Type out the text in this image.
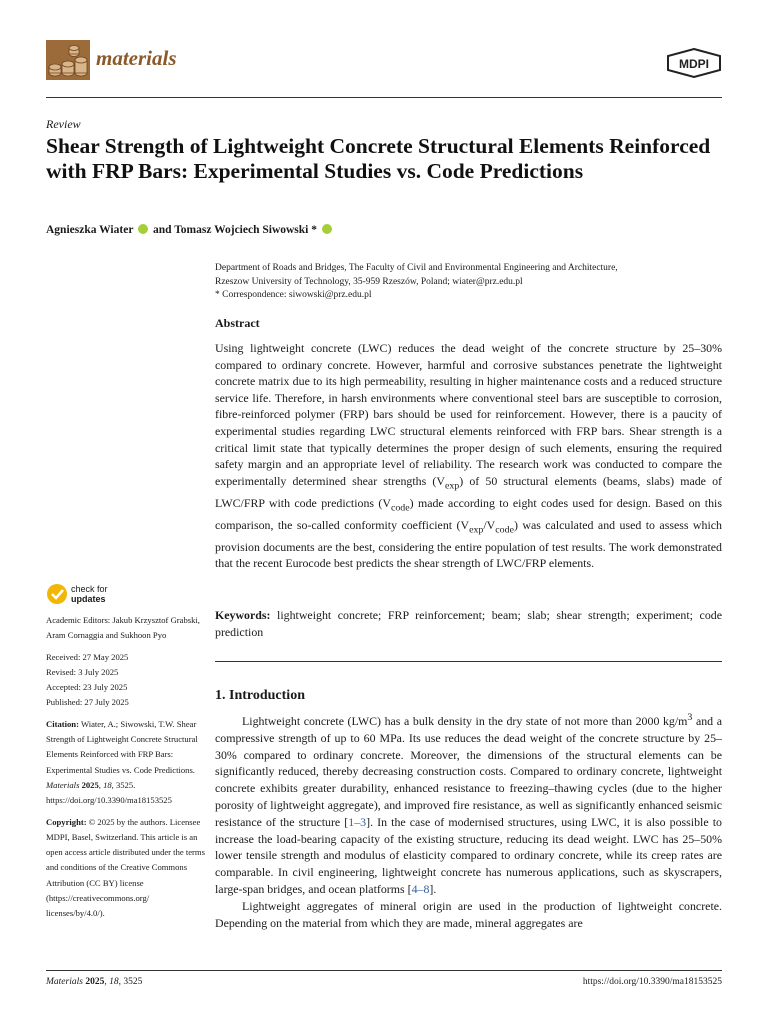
materials	MDPI
Review
Shear Strength of Lightweight Concrete Structural Elements Reinforced with FRP Bars: Experimental Studies vs. Code Predictions
Agnieszka Wiater  and Tomasz Wojciech Siwowski *
Department of Roads and Bridges, The Faculty of Civil and Environmental Engineering and Architecture,
Rzeszow University of Technology, 35-959 Rzeszów, Poland; wiater@prz.edu.pl
* Correspondence: siwowski@prz.edu.pl
Abstract
Using lightweight concrete (LWC) reduces the dead weight of the concrete structure by 25–30% compared to ordinary concrete. However, harmful and corrosive substances penetrate the lightweight concrete matrix due to its high permeability, resulting in higher maintenance costs and a reduced structure service life. Therefore, in harsh environments where conventional steel bars are susceptible to corrosion, fibre-reinforced polymer (FRP) bars should be used for reinforcement. However, there is a paucity of experimental studies regarding LWC structural elements reinforced with FRP bars. Shear strength is a critical limit state that typically determines the proper design of such elements, ensuring the required safety margin and an appropriate level of reliability. The research work was conducted to compare the experimentally determined shear strengths $(V_{exp})$ of 50 structural elements (beams, slabs) made of LWC/FRP with code predictions $(V_{code})$ made according to eight codes used for design. Based on this comparison, the so-called conformity coefficient $(V_{exp}/V_{code})$ was calculated and used to assess which provision documents are the best, considering the entire population of test results. The work demonstrated that the recent Eurocode best predicts the shear strength of LWC/FRP elements.
Keywords: lightweight concrete; FRP reinforcement; beam; slab; shear strength; experiment; code prediction
1. Introduction

Lightweight concrete (LWC) has a bulk density in the dry state of not more than 2000 $kg/m^3$ and a compressive strength of up to 60 MPa. Its use reduces the dead weight of the concrete structure by 25–30% compared to ordinary concrete. Moreover, the dimensions of the structural elements can be significantly reduced, thereby decreasing construction costs. Compared to ordinary concrete, lightweight concrete exhibits greater durability, enhanced resistance to freezing–thawing cycles (due to the higher porosity of lightweight aggregate), and improved fire resistance, as well as significantly enhanced seismic resistance of the structure [1–3]. In the case of modernised structures, using LWC, it is also possible to increase the load-bearing capacity of the existing structure, reducing its dead weight. LWC has 25–50% lower tensile strength and modulus of elasticity compared to ordinary concrete, while its creep rates are comparable. In civil engineering, lightweight concrete has numerous applications, such as skyscrapers, large-span bridges, and ocean platforms [4–8].

Lightweight aggregates of mineral origin are used in the production of lightweight concrete. Depending on the material from which they are made, mineral aggregates are

check for
updates
Academic Editors: Jakub Krzysztof Grabski, Aram Cornaggia and Sukhoon Pyo
Received: 27 May 2025
Revised: 3 July 2025
Accepted: 23 July 2025
Published: 27 July 2025
Citation: Wiater, A.; Siwowski, T.W. Shear Strength of Lightweight Concrete Structural Elements Reinforced with FRP Bars: Experimental Studies vs. Code Predictions. Materials 2025, 18, 3525. https://doi.org/10.3390/ma18153525
Copyright: © 2025 by the authors. Licensee MDPI, Basel, Switzerland. This article is an open access article distributed under the terms and conditions of the Creative Commons Attribution (CC BY) license (https://creativecommons.org/ licenses/by/4.0/).
Materials 2025, 18, 3525	https://doi.org/10.3390/ma18153525
